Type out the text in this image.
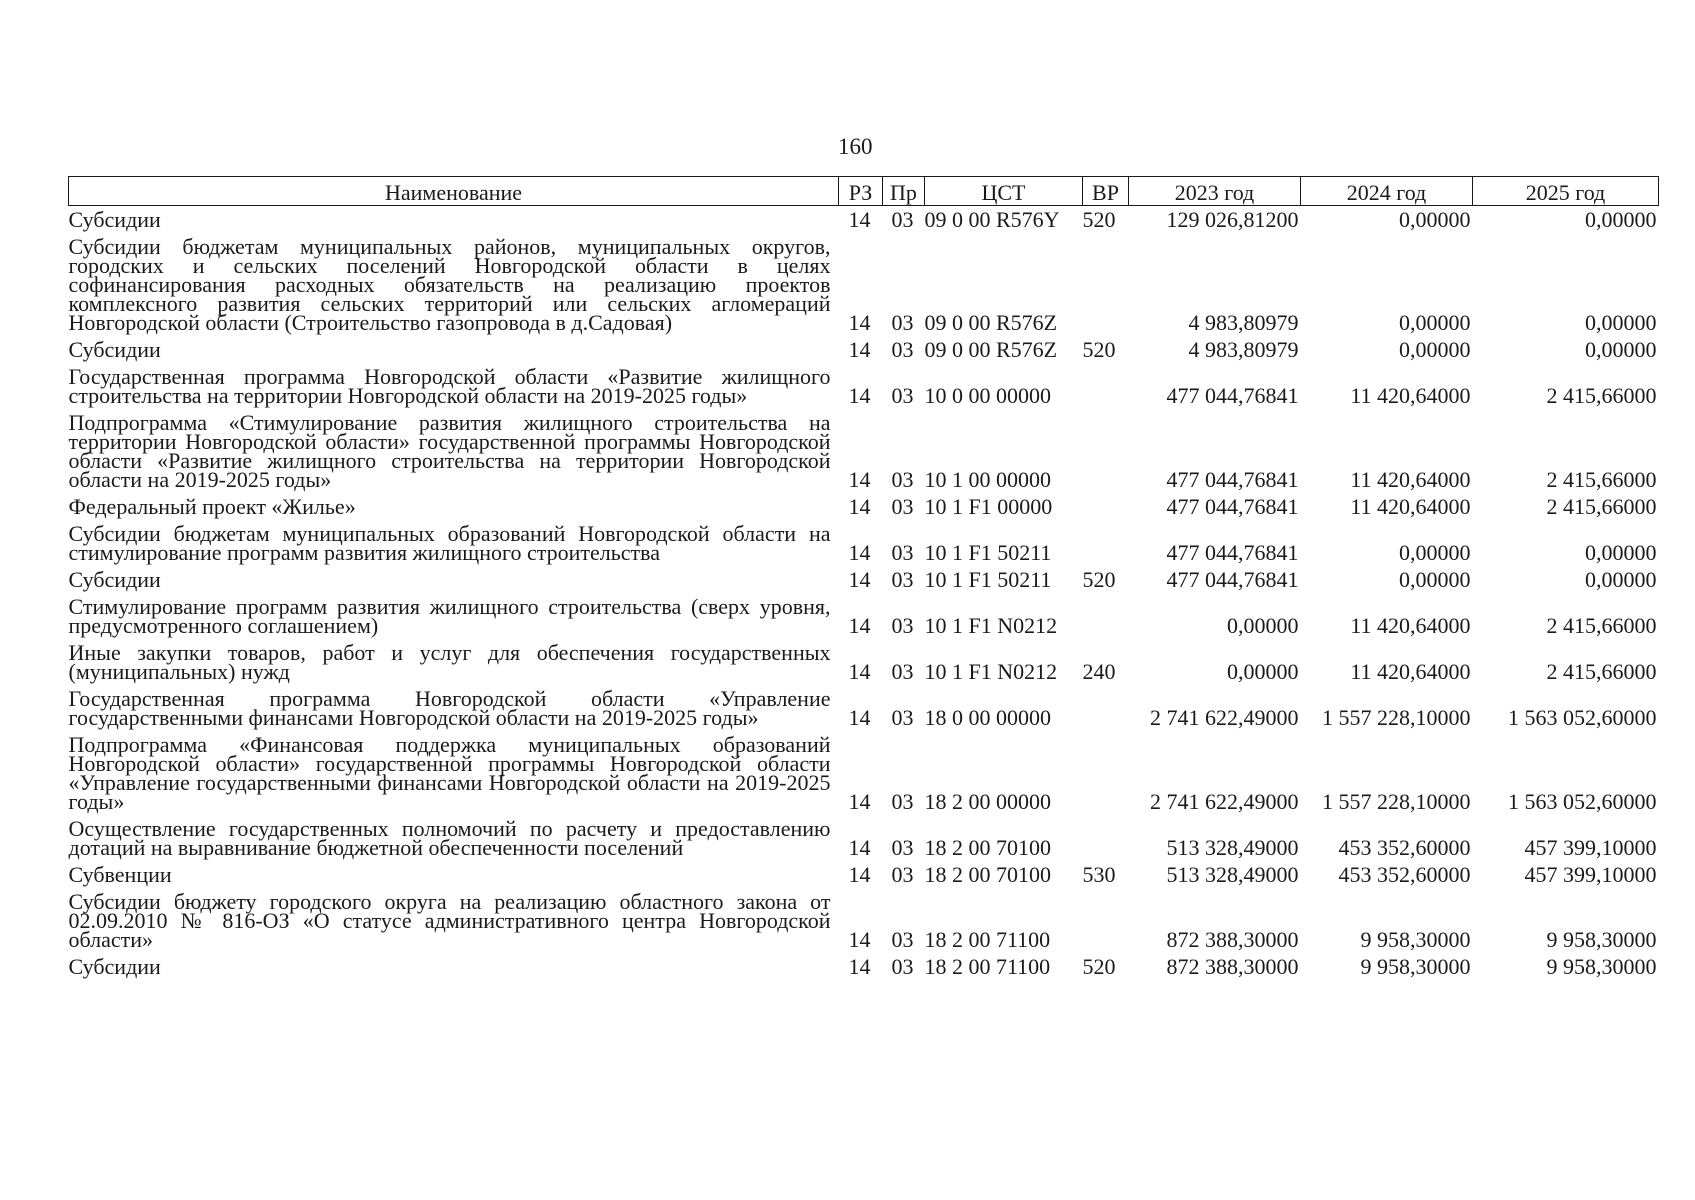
160
Наименование	РЗ	Пр	ЦСТ	ВР	2023 год	2024 год	2025 год
Субсидии	14	03	09 0 00 R576Y	520	129 026,81200	0,00000	0,00000
Субсидии бюджетам муниципальных районов, муниципальных округов, городских и сельских поселений Новгородской области в целях софинансирования расходных обязательств на реализацию проектов комплексного развития сельских территорий или сельских агломераций Новгородской области (Строительство газопровода в д.Садовая)	14	03	09 0 00 R576Z		4 983,80979	0,00000	0,00000
Субсидии	14	03	09 0 00 R576Z	520	4 983,80979	0,00000	0,00000
Государственная программа Новгородской области «Развитие жилищного строительства на территории Новгородской области на 2019-2025 годы»	14	03	10 0 00 00000		477 044,76841	11 420,64000	2 415,66000
Подпрограмма «Стимулирование развития жилищного строительства на территории Новгородской области» государственной программы Новгородской области «Развитие жилищного строительства на территории Новгородской области на 2019-2025 годы»	14	03	10 1 00 00000		477 044,76841	11 420,64000	2 415,66000
Федеральный проект «Жилье»	14	03	10 1 F1 00000		477 044,76841	11 420,64000	2 415,66000
Субсидии бюджетам муниципальных образований Новгородской области на стимулирование программ развития жилищного строительства	14	03	10 1 F1 50211		477 044,76841	0,00000	0,00000
Субсидии	14	03	10 1 F1 50211	520	477 044,76841	0,00000	0,00000
Стимулирование программ развития жилищного строительства (сверх уровня, предусмотренного соглашением)	14	03	10 1 F1 N0212		0,00000	11 420,64000	2 415,66000
Иные закупки товаров, работ и услуг для обеспечения государственных (муниципальных) нужд	14	03	10 1 F1 N0212	240	0,00000	11 420,64000	2 415,66000
Государственная программа Новгородской области «Управление государственными финансами Новгородской области на 2019-2025 годы»	14	03	18 0 00 00000		2 741 622,49000	1 557 228,10000	1 563 052,60000
Подпрограмма «Финансовая поддержка муниципальных образований Новгородской области» государственной программы Новгородской области «Управление государственными финансами Новгородской области на 2019-2025 годы»	14	03	18 2 00 00000		2 741 622,49000	1 557 228,10000	1 563 052,60000
Осуществление государственных полномочий по расчету и предоставлению дотаций на выравнивание бюджетной обеспеченности поселений	14	03	18 2 00 70100		513 328,49000	453 352,60000	457 399,10000
Субвенции	14	03	18 2 00 70100	530	513 328,49000	453 352,60000	457 399,10000
Субсидии бюджету городского округа на реализацию областного закона от 02.09.2010 № 816-ОЗ «О статусе административного центра Новгородской области»	14	03	18 2 00 71100		872 388,30000	9 958,30000	9 958,30000
Субсидии	14	03	18 2 00 71100	520	872 388,30000	9 958,30000	9 958,30000
